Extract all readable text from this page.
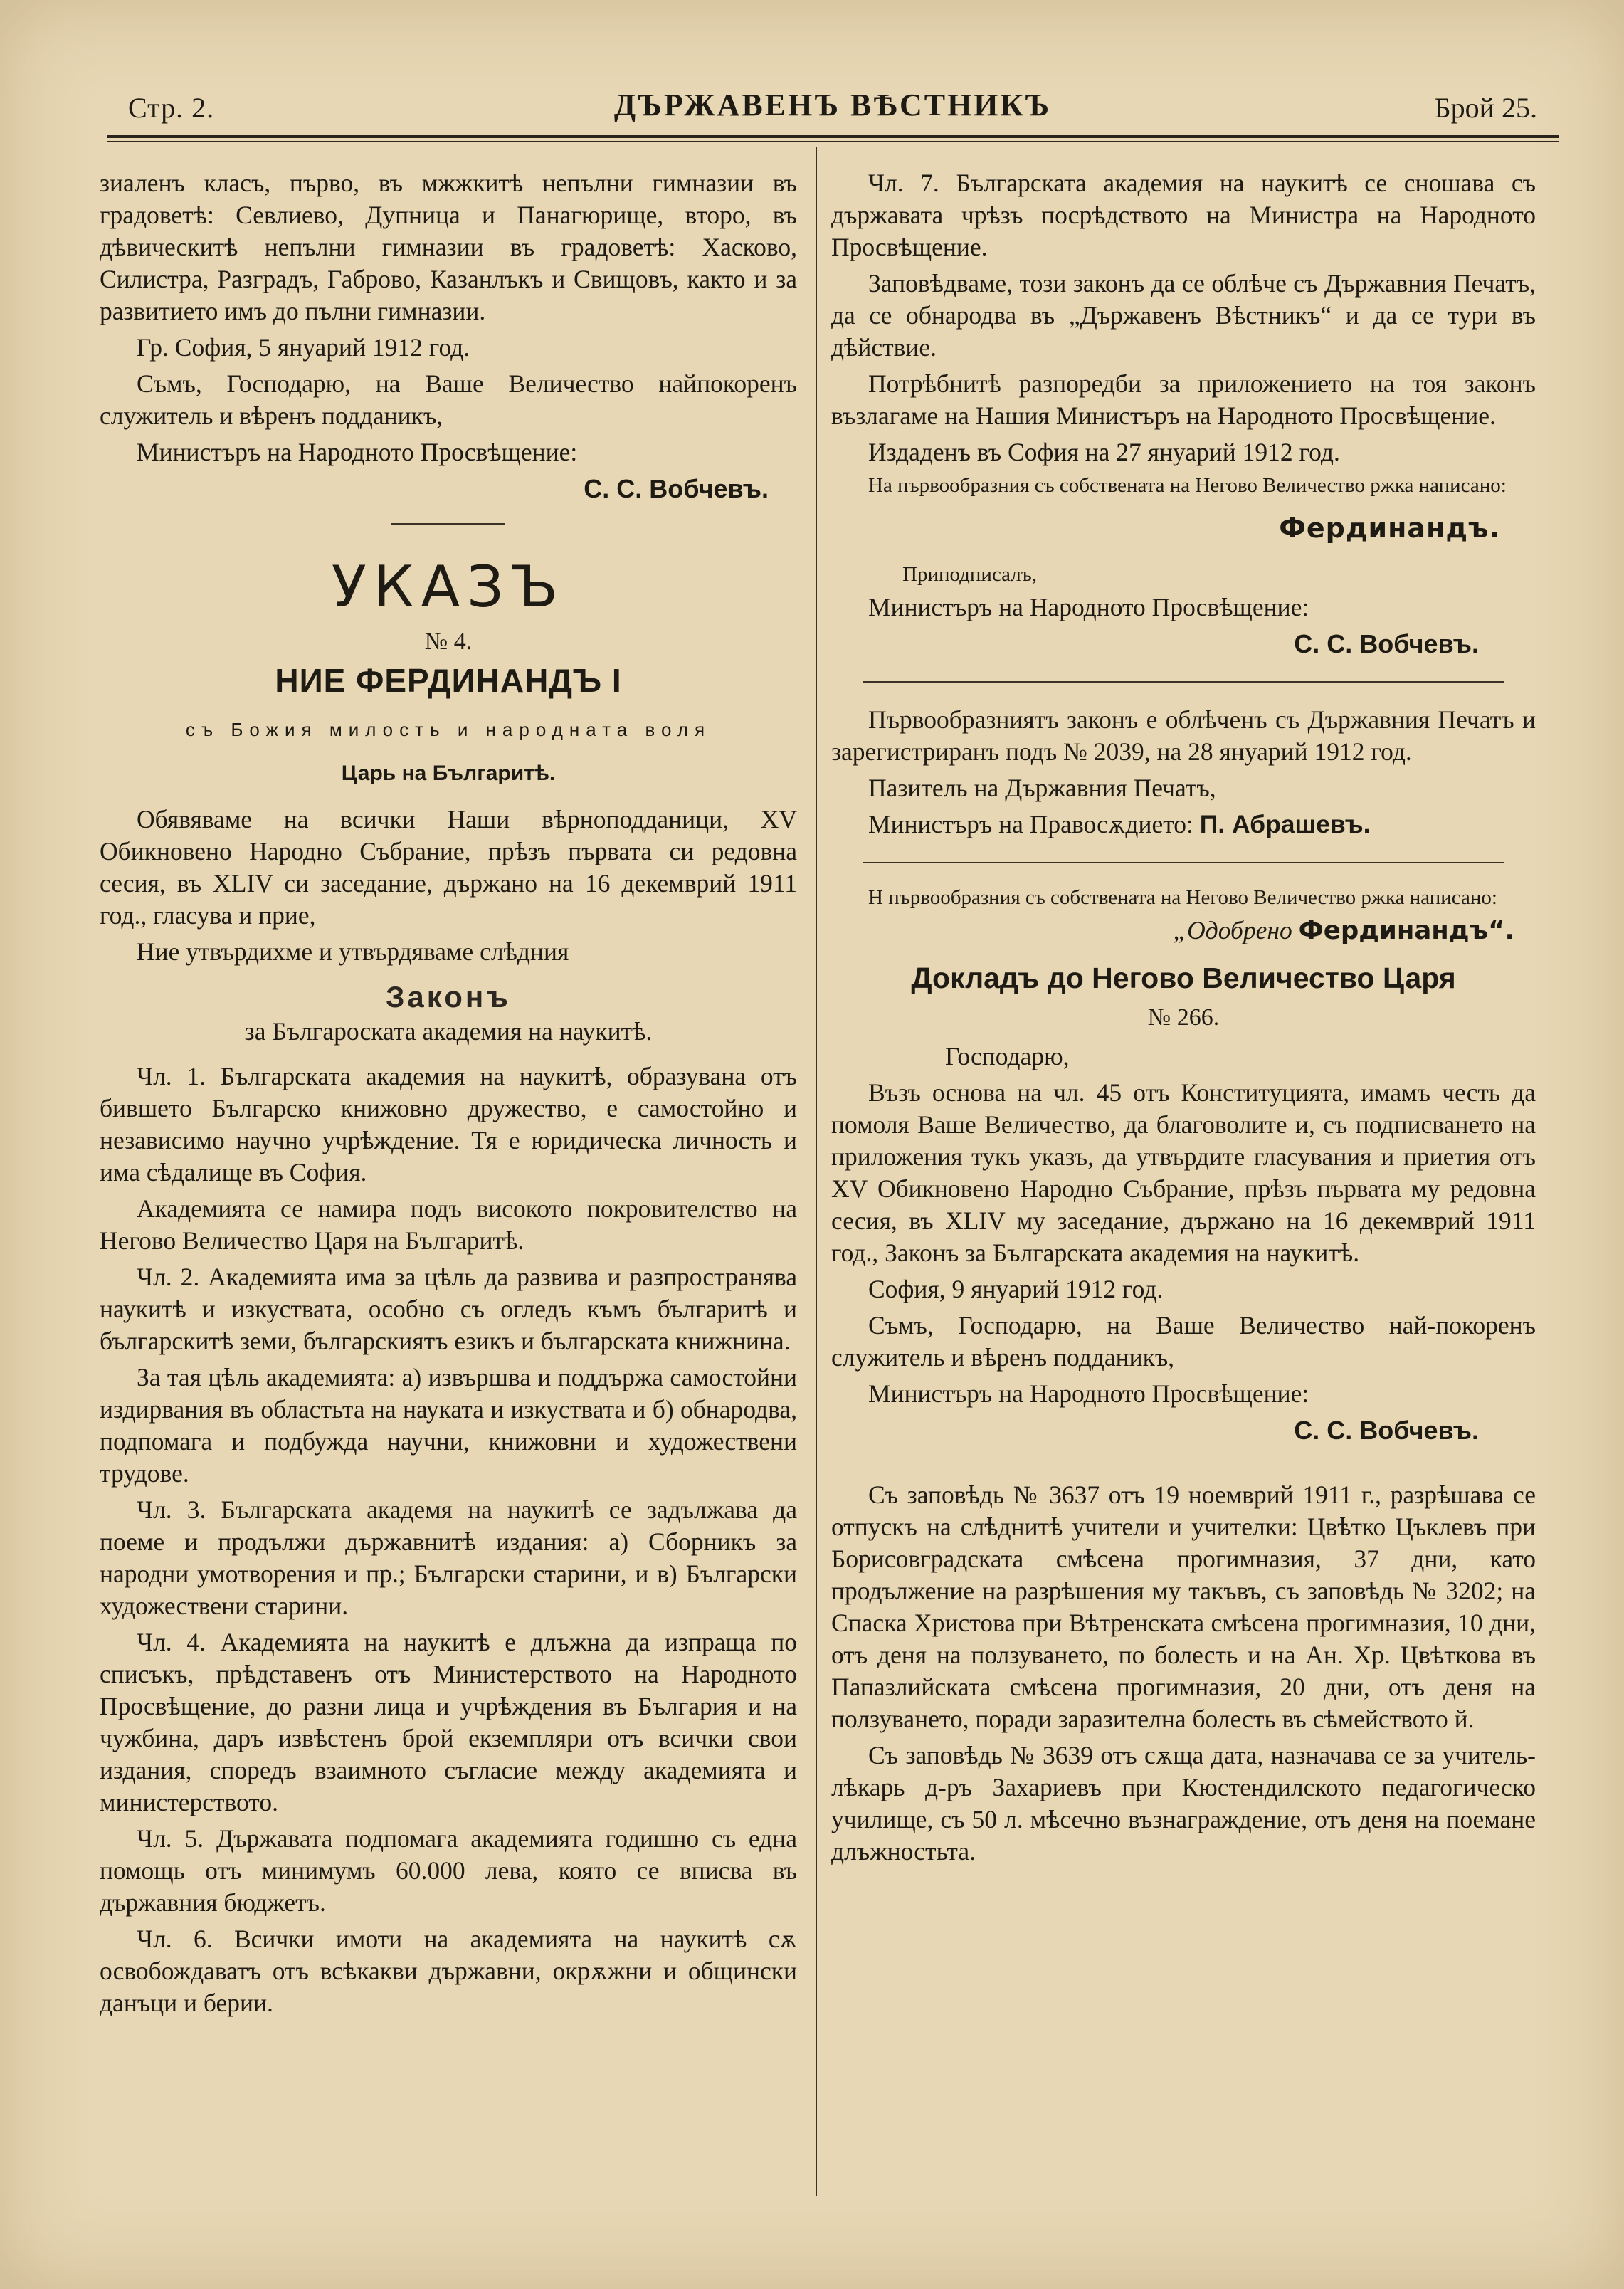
Стр. 2.	ДЪРЖАВЕНЪ ВѢСТНИКЪ	Брой 25.

зиаленъ класъ, първо, въ мжжкитѣ непълни гимназии въ градоветѣ: Севлиево, Дупница и Панагюрище, второ, въ дѣвическитѣ непълни гимназии въ градоветѣ: Хасково, Силистра, Разградъ, Габрово, Казанлъкъ и Свищовъ, както и за развитието имъ до пълни гимназии.

Гр. София, 5 януарий 1912 год.

Съмъ, Господарю, на Ваше Величество найпокоренъ служитель и вѣренъ подданикъ,

Министъръ на Народното Просвѣщение:

С. С. Вобчевъ.

УКАЗЪ
№ 4.
НИЕ ФЕРДИНАНДЪ I
съ Божия милость и народната воля
Царь на Българитѣ.

Обявяваме на всички Наши вѣрноподданици, XV Обикновено Народно Събрание, прѣзъ първата си редовна сесия, въ XLIV си заседание, държано на 16 декемврий 1911 год., гласува и прие,

Ние утвърдихме и утвърдяваме слѣдния

Законъ
за Българоската академия на наукитѣ.

Чл. 1. Българската академия на наукитѣ, образувана отъ бившето Българско книжовно дружество, е самостойно и независимо научно учрѣждение. Тя е юридическа личность и има сѣдалище въ София.

Академията се намира подъ високото покровителство на Негово Величество Царя на Българитѣ.

Чл. 2. Академията има за цѣль да развива и разпространява наукитѣ и изкуствата, особно съ огледъ къмъ българитѣ и българскитѣ земи, българскиятъ езикъ и българската книжнина.

За тая цѣль академията: а) извършва и поддържа самостойни издирвания въ областьта на науката и изкуствата и б) обнародва, подпомага и подбужда научни, книжовни и художествени трудове.

Чл. 3. Българската академя на наукитѣ се задължава да поеме и продължи държавнитѣ издания: а) Сборникъ за народни умотворения и пр.; Български старини, и в) Български художествени старини.

Чл. 4. Академията на наукитѣ е длъжна да изпраща по списъкъ, прѣдставенъ отъ Министерството на Народното Просвѣщение, до разни лица и учрѣждения въ България и на чужбина, даръ извѣстенъ брой екземпляри отъ всички свои издания, споредъ взаимното съгласие между академията и министерството.

Чл. 5. Държавата подпомага академията годишно съ една помощь отъ минимумъ 60.000 лева, която се вписва въ държавния бюджетъ.

Чл. 6. Всички имоти на академията на наукитѣ сѫ освобождаватъ отъ всѣкакви държавни, окрѫжни и общински данъци и берии.

Чл. 7. Българската академия на наукитѣ се сношава съ държавата чрѣзъ посрѣдството на Министра на Народното Просвѣщение.

Заповѣдваме, този законъ да се облѣче съ Държавния Печатъ, да се обнародва въ „Държавенъ Вѣстникъ“ и да се тури въ дѣйствие.

Потрѣбнитѣ разпоредби за приложението на тоя законъ възлагаме на Нашия Министъръ на Народното Просвѣщение.

Издаденъ въ София на 27 януарий 1912 год.

На първообразния съ собствената на Негово Величество ржка написано:

Фердинандъ.

Приподписалъ,

Министъръ на Народното Просвѣщение:

С. С. Вобчевъ.

Първообразниятъ законъ е облѣченъ съ Държавния Печатъ и зарегистриранъ подъ № 2039, на 28 януарий 1912 год.

Пазитель на Държавния Печатъ,

Министъръ на Правосѫдието: П. Абрашевъ.

Н първообразния съ собствената на Негово Величество ржка написано:

„Одобрено Фердинандъ“.

Докладъ до Негово Величество Царя
№ 266.

Господарю,

Възъ основа на чл. 45 отъ Конституцията, имамъ честь да помоля Ваше Величество, да благоволите и, съ подписването на приложения тукъ указъ, да утвърдите гласувания и приетия отъ XV Обикновено Народно Събрание, прѣзъ първата му редовна сесия, въ XLIV му заседание, държано на 16 декемврий 1911 год., Законъ за Българската академия на наукитѣ.

София, 9 януарий 1912 год.

Съмъ, Господарю, на Ваше Величество най-покоренъ служитель и вѣренъ подданикъ,

Министъръ на Народното Просвѣщение:

С. С. Вобчевъ.

Съ заповѣдь № 3637 отъ 19 ноемврий 1911 г., разрѣшава се отпускъ на слѣднитѣ учители и учителки: Цвѣтко Цъклевъ при Борисовградската смѣсена прогимназия, 37 дни, като продължение на разрѣшения му такъвъ, съ заповѣдь № 3202; на Спаска Христова при Вѣтренската смѣсена прогимназия, 10 дни, отъ деня на ползуването, по болесть и на Ан. Хр. Цвѣткова въ Папазлийската смѣсена прогимназия, 20 дни, отъ деня на ползуването, поради заразителна болесть въ сѣмейството й.

Съ заповѣдь № 3639 отъ сѫща дата, назначава се за учитель-лѣкарь д-ръ Захариевъ при Кюстендилското педагогическо училище, съ 50 л. мѣсечно възнаграждение, отъ деня на поемане длъжностьта.
